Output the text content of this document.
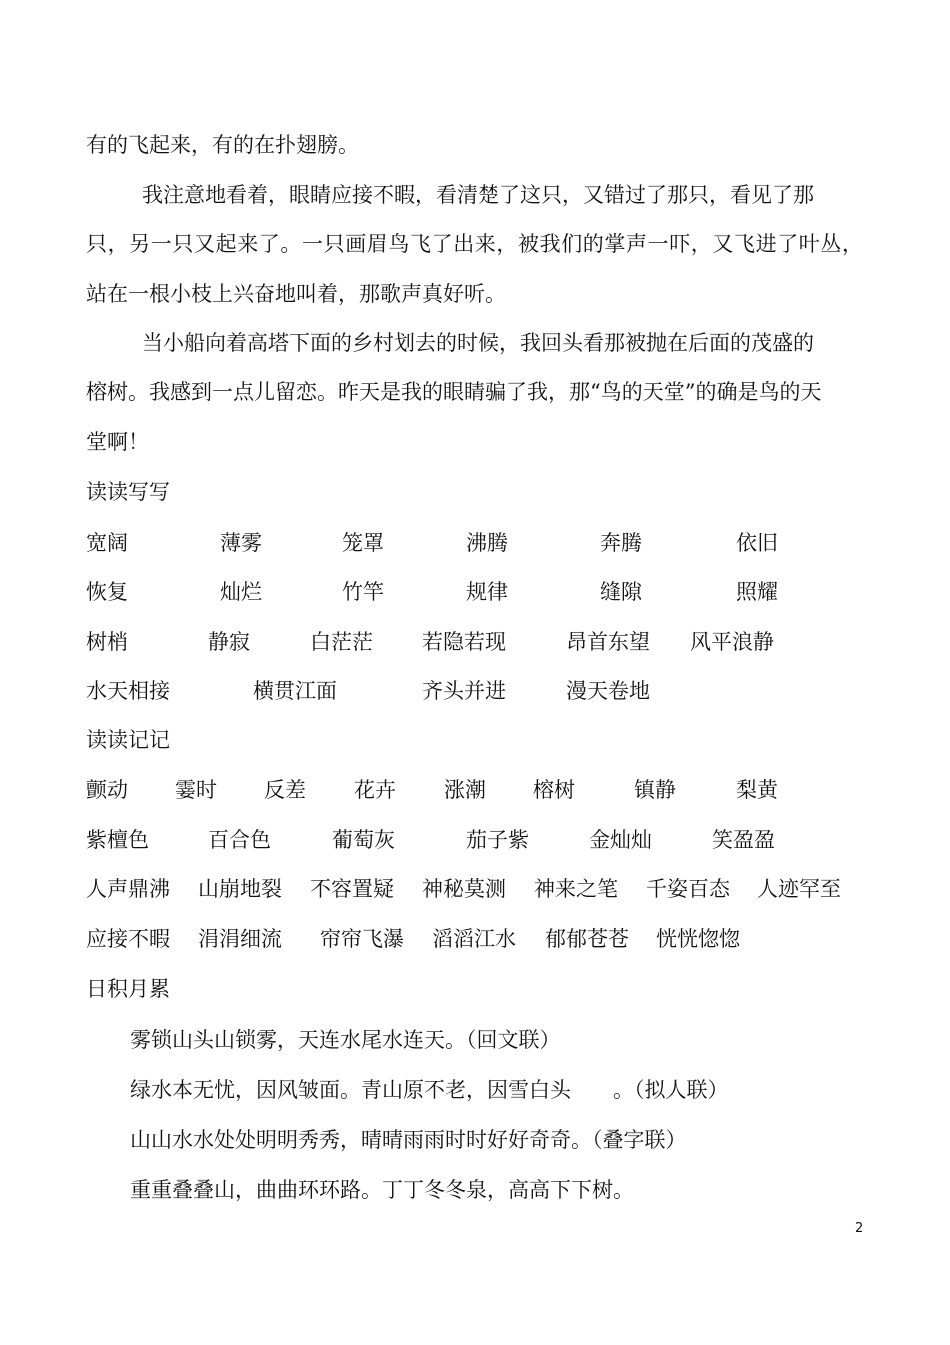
有的飞起来，有的在扑翅膀。
我注意地看着，眼睛应接不暇，看清楚了这只，又错过了那只，看见了那
只，另一只又起来了。一只画眉鸟飞了出来，被我们的掌声一吓，又飞进了叶丛，
站在一根小枝上兴奋地叫着，那歌声真好听。
当小船向着高塔下面的乡村划去的时候，我回头看那被抛在后面的茂盛的
榕树。我感到一点儿留恋。昨天是我的眼睛骗了我，那“鸟的天堂”的确是鸟的天
堂啊！
读读写写
宽阔	薄雾	笼罩	沸腾	奔腾	依旧
恢复	灿烂	竹竿	规律	缝隙	照耀
树梢	静寂	白茫茫 若隐若现	昂首东望 风平浪静
水天相接	横贯江面	齐头并进	漫天卷地
读读记记
颤动 霎时 反差 花卉 涨潮 榕树	镇静	梨黄
紫檀色	百合色	葡萄灰	茄子紫	金灿灿	笑盈盈
人声鼎沸 山崩地裂 不容置疑 神秘莫测 神来之笔 千姿百态 人迹罕至
应接不暇 涓涓细流 帘帘飞瀑 滔滔江水 郁郁苍苍 恍恍惚惚
日积月累
雾锁山头山锁雾，天连水尾水连天。（回文联）
绿水本无忧，因风皱面。青山原不老，因雪白头　　。（拟人联）
山山水水处处明明秀秀，晴晴雨雨时时好好奇奇。（叠字联）
重重叠叠山，曲曲环环路。丁丁冬冬泉，高高下下树。
2
